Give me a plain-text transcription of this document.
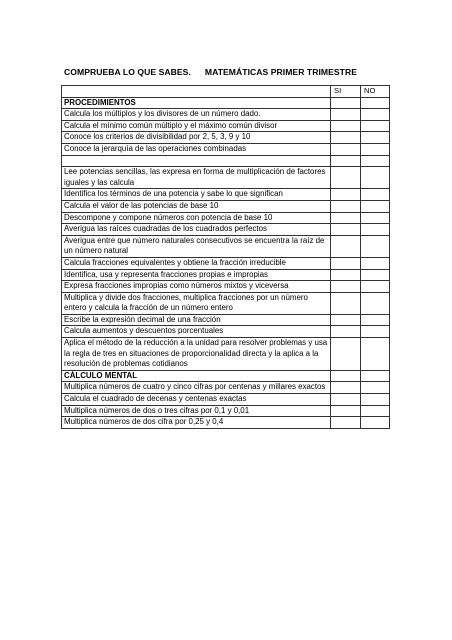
COMPRUEBA LO QUE SABES. MATEMÁTICAS PRIMER TRIMESTRE
	SI	NO
PROCEDIMIENTOS		
Calcula los múltiplos y los divisores de un número dado.		
Calcula el mínimo común múltiplo y el máximo común divisor		
Conoce los criterios de divisibilidad por 2, 5, 3, 9 y 10		
Conoce la jerarquía de las operaciones combinadas		

Lee potencias sencillas, las expresa en forma de multiplicación de factores iguales y las calcula		
Identifica los términos de una potencia y sabe lo que significan		
Calcula el valor de las potencias de base 10		
Descompone y compone números con potencia de base 10		
Averigua las raíces cuadradas de los cuadrados perfectos		
Averigua entre que número naturales consecutivos se encuentra la raíz de un número natural		
Calcula fracciones equivalentes y obtiene la fracción irreducible		
Identifica, usa y representa fracciones propias e impropias		
Expresa fracciones impropias como números mixtos y viceversa		
Multiplica y divide dos fracciones, multiplica fracciones por un número entero y calcula la fracción de un número entero		
Escribe la expresión decimal de una fracción		
Calcula aumentos y descuentos porcentuales		
Aplica el método de la reducción a la unidad para resolver problemas y usa la regla de tres en situaciones de proporcionalidad directa y la aplica a la resolución de problemas cotidianos		
CÁLCULO MENTAL		
Multiplica números de cuatro y cinco cifras por centenas y millares exactos		
Calcula el cuadrado de decenas y centenas exactas		
Multiplica números de dos o tres cifras por 0,1 y 0,01		
Multiplica números de dos cifra por 0,25 y 0,4		
